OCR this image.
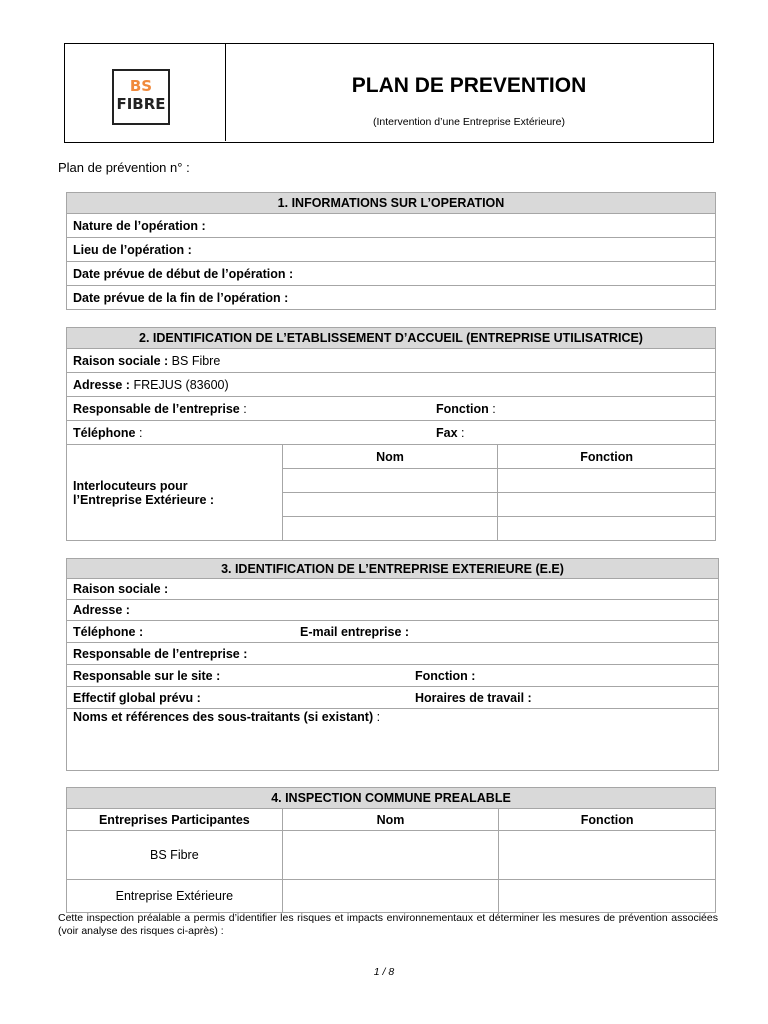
BS
FIBRE
PLAN DE PREVENTION
(Intervention d’une Entreprise Extérieure)
Plan de prévention n° :
1. INFORMATIONS SUR L’OPERATION
Nature de l’opération :
Lieu de l’opération :
Date prévue de début de l’opération :
Date prévue de la fin de l’opération :
2. IDENTIFICATION DE L’ETABLISSEMENT D’ACCUEIL (ENTREPRISE UTILISATRICE)		
Raison sociale : BS Fibre		
Adresse : FREJUS (83600)		
Responsable de l’entreprise : Fonction :		

Téléphone : Fax :		

Interlocuteurs pour
l’Entreprise Extérieure :	Nom	Fonction

3. IDENTIFICATION DE L’ENTREPRISE EXTERIEURE (E.E)
Raison sociale :
Adresse :
Téléphone :	E-mail entreprise :

Responsable de l’entreprise :
Responsable sur le site :	Fonction :

Effectif global prévu :	Horaires de travail :

Noms et références des sous-traitants (si existant) :
4. INSPECTION COMMUNE PREALABLE		
Entreprises Participantes	Nom	Fonction
BS Fibre		
Entreprise Extérieure		
Cette inspection préalable a permis d’identifier les risques et impacts environnementaux et déterminer les mesures de prévention associées (voir analyse des risques ci-après) :
1 / 8
